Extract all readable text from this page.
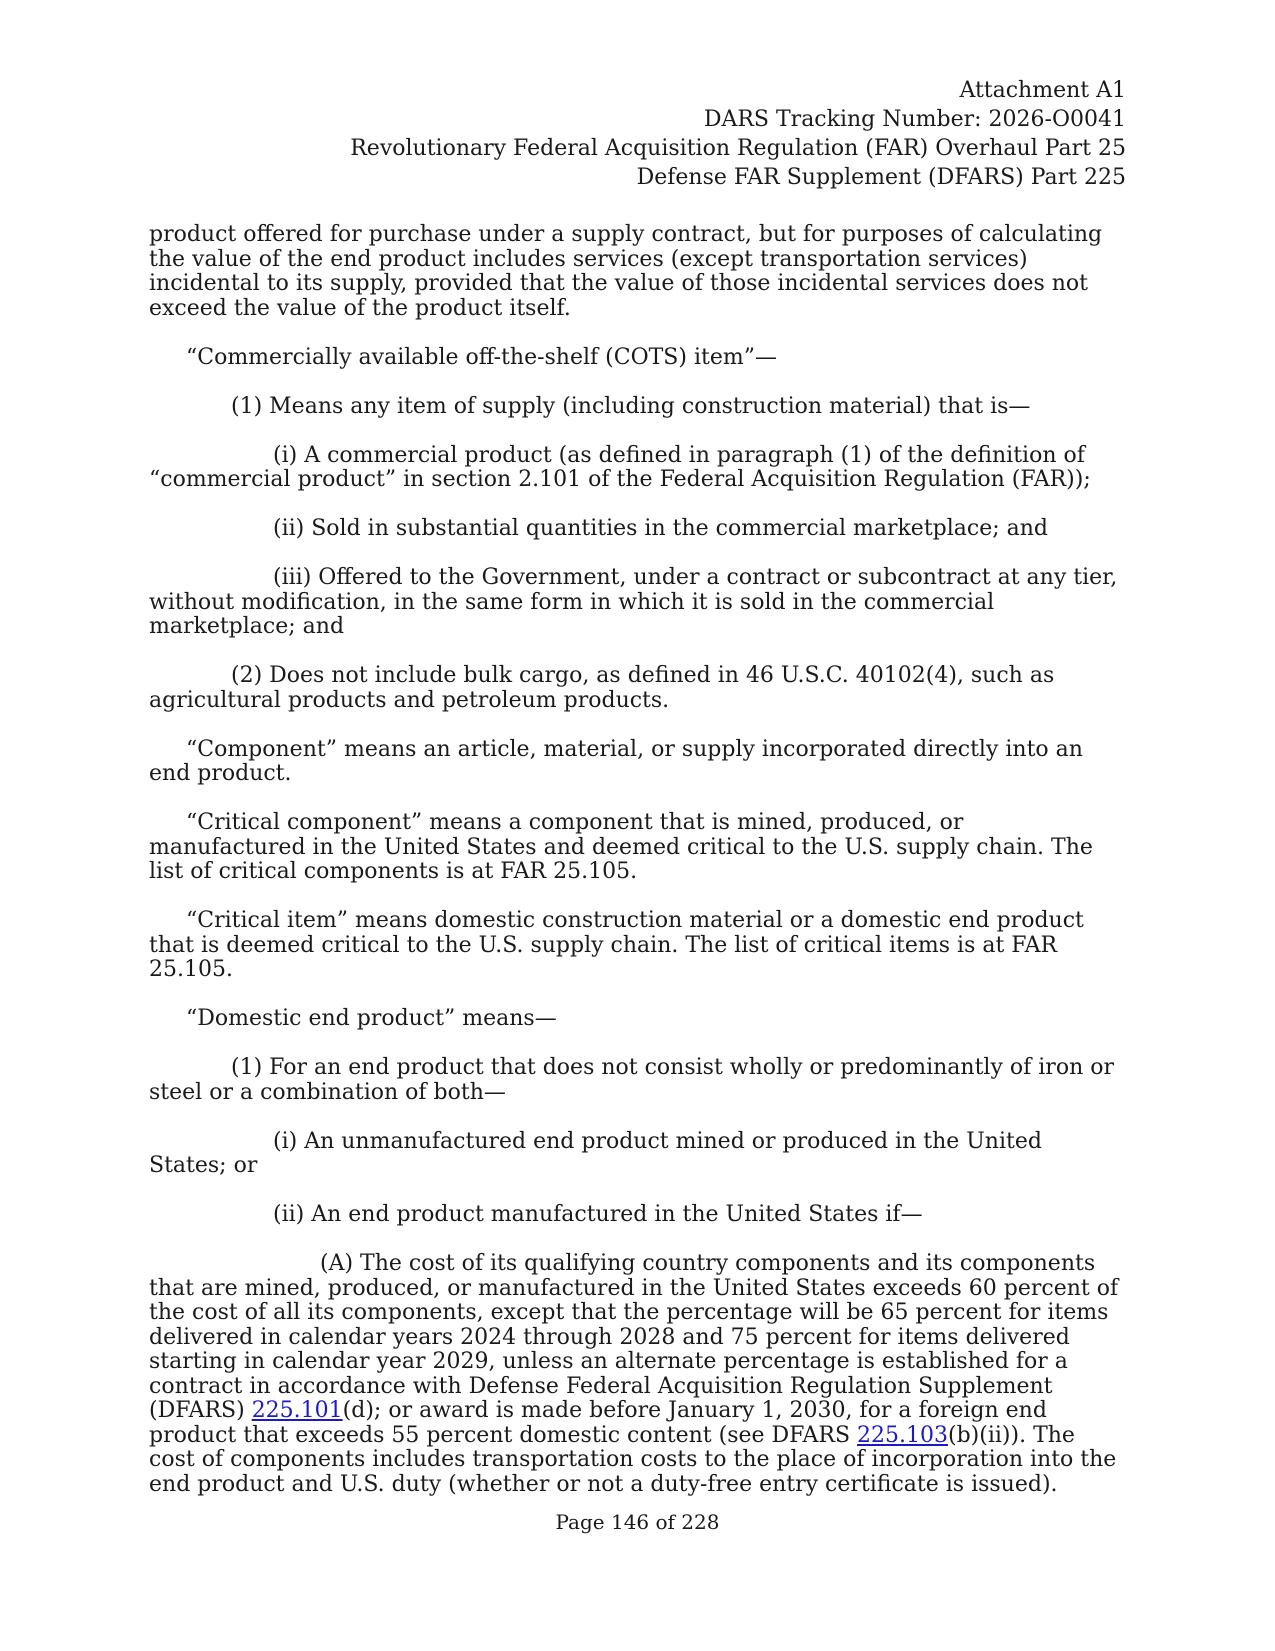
Attachment A1
DARS Tracking Number: 2026-O0041
Revolutionary Federal Acquisition Regulation (FAR) Overhaul Part 25
Defense FAR Supplement (DFARS) Part 225

product offered for purchase under a supply contract, but for purposes of calculating the value of the end product includes services (except transportation services) incidental to its supply, provided that the value of those incidental services does not exceed the value of the product itself.

“Commercially available off-the-shelf (COTS) item”—

(1) Means any item of supply (including construction material) that is—

(i) A commercial product (as defined in paragraph (1) of the definition of “commercial product” in section 2.101 of the Federal Acquisition Regulation (FAR));

(ii) Sold in substantial quantities in the commercial marketplace; and

(iii) Offered to the Government, under a contract or subcontract at any tier, without modification, in the same form in which it is sold in the commercial marketplace; and

(2) Does not include bulk cargo, as defined in 46 U.S.C. 40102(4), such as agricultural products and petroleum products.

“Component” means an article, material, or supply incorporated directly into an end product.

“Critical component” means a component that is mined, produced, or manufactured in the United States and deemed critical to the U.S. supply chain. The list of critical components is at FAR 25.105.

“Critical item” means domestic construction material or a domestic end product that is deemed critical to the U.S. supply chain. The list of critical items is at FAR 25.105.

“Domestic end product” means—

(1) For an end product that does not consist wholly or predominantly of iron or steel or a combination of both—

(i) An unmanufactured end product mined or produced in the United States; or

(ii) An end product manufactured in the United States if—

(A) The cost of its qualifying country components and its components that are mined, produced, or manufactured in the United States exceeds 60 percent of the cost of all its components, except that the percentage will be 65 percent for items delivered in calendar years 2024 through 2028 and 75 percent for items delivered starting in calendar year 2029, unless an alternate percentage is established for a contract in accordance with Defense Federal Acquisition Regulation Supplement (DFARS) 225.101(d); or award is made before January 1, 2030, for a foreign end product that exceeds 55 percent domestic content (see DFARS 225.103(b)(ii)). The cost of components includes transportation costs to the place of incorporation into the end product and U.S. duty (whether or not a duty-free entry certificate is issued).

Page 146 of 228
